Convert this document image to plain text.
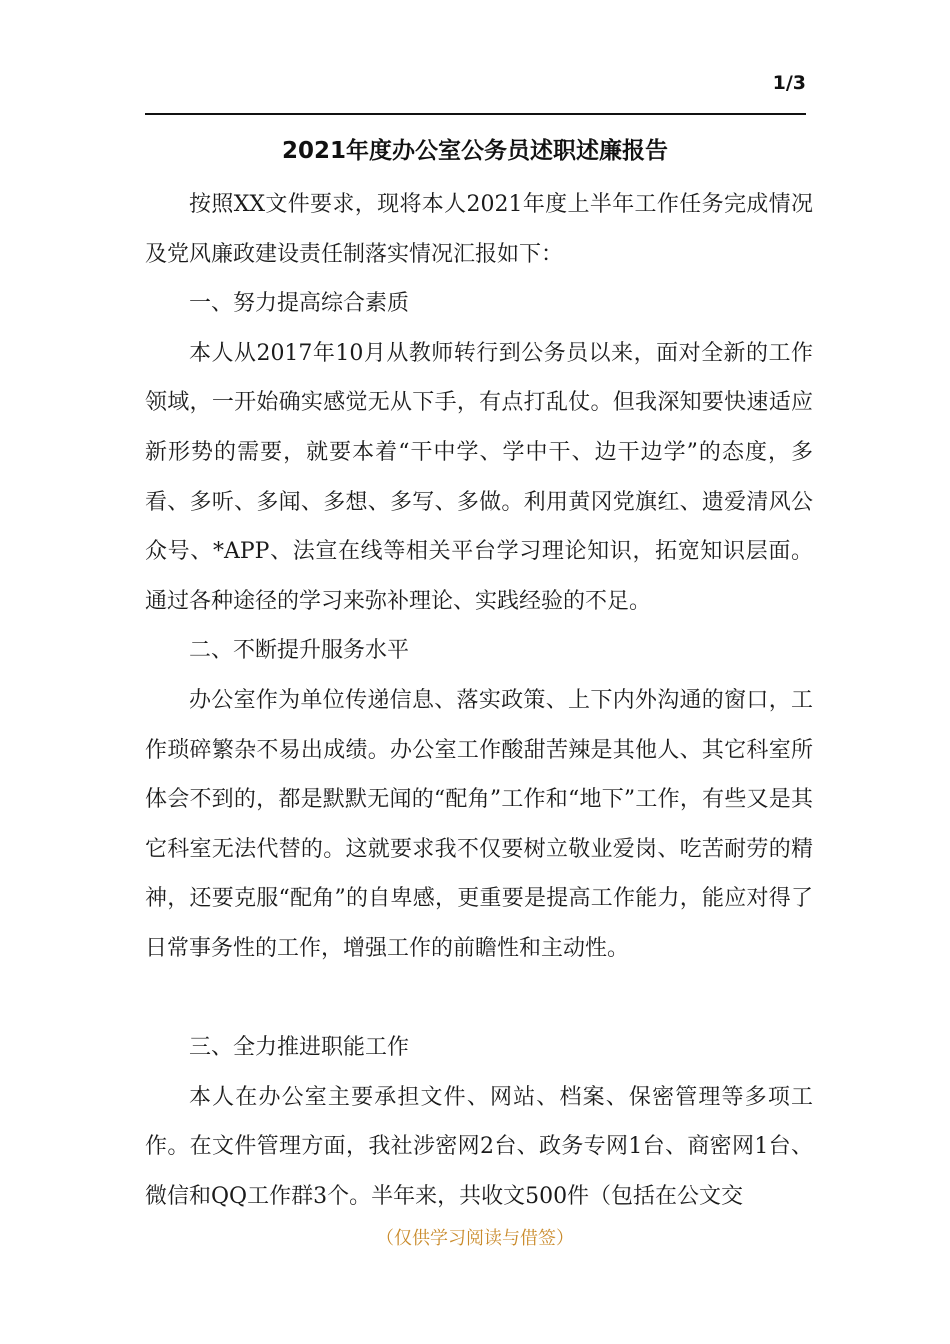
1/3
2021年度办公室公务员述职述廉报告

按照XX文件要求，现将本人2021年度上半年工作任务完成情况及党风廉政建设责任制落实情况汇报如下：

一、努力提高综合素质

本人从2017年10月从教师转行到公务员以来，面对全新的工作领域，一开始确实感觉无从下手，有点打乱仗。但我深知要快速适应新形势的需要，就要本着“干中学、学中干、边干边学”的态度，多看、多听、多闻、多想、多写、多做。利用黄冈党旗红、遗爱清风公众号、*APP、法宣在线等相关平台学习理论知识，拓宽知识层面。通过各种途径的学习来弥补理论、实践经验的不足。

二、不断提升服务水平

办公室作为单位传递信息、落实政策、上下内外沟通的窗口，工作琐碎繁杂不易出成绩。办公室工作酸甜苦辣是其他人、其它科室所体会不到的，都是默默无闻的“配角”工作和“地下”工作，有些又是其它科室无法代替的。这就要求我不仅要树立敬业爱岗、吃苦耐劳的精神，还要克服“配角”的自卑感，更重要是提高工作能力，能应对得了日常事务性的工作，增强工作的前瞻性和主动性。

三、全力推进职能工作

本人在办公室主要承担文件、网站、档案、保密管理等多项工作。在文件管理方面，我社涉密网2台、政务专网1台、商密网1台、微信和QQ工作群3个。半年来，共收文500件（包括在公文交

（仅供学习阅读与借签）
